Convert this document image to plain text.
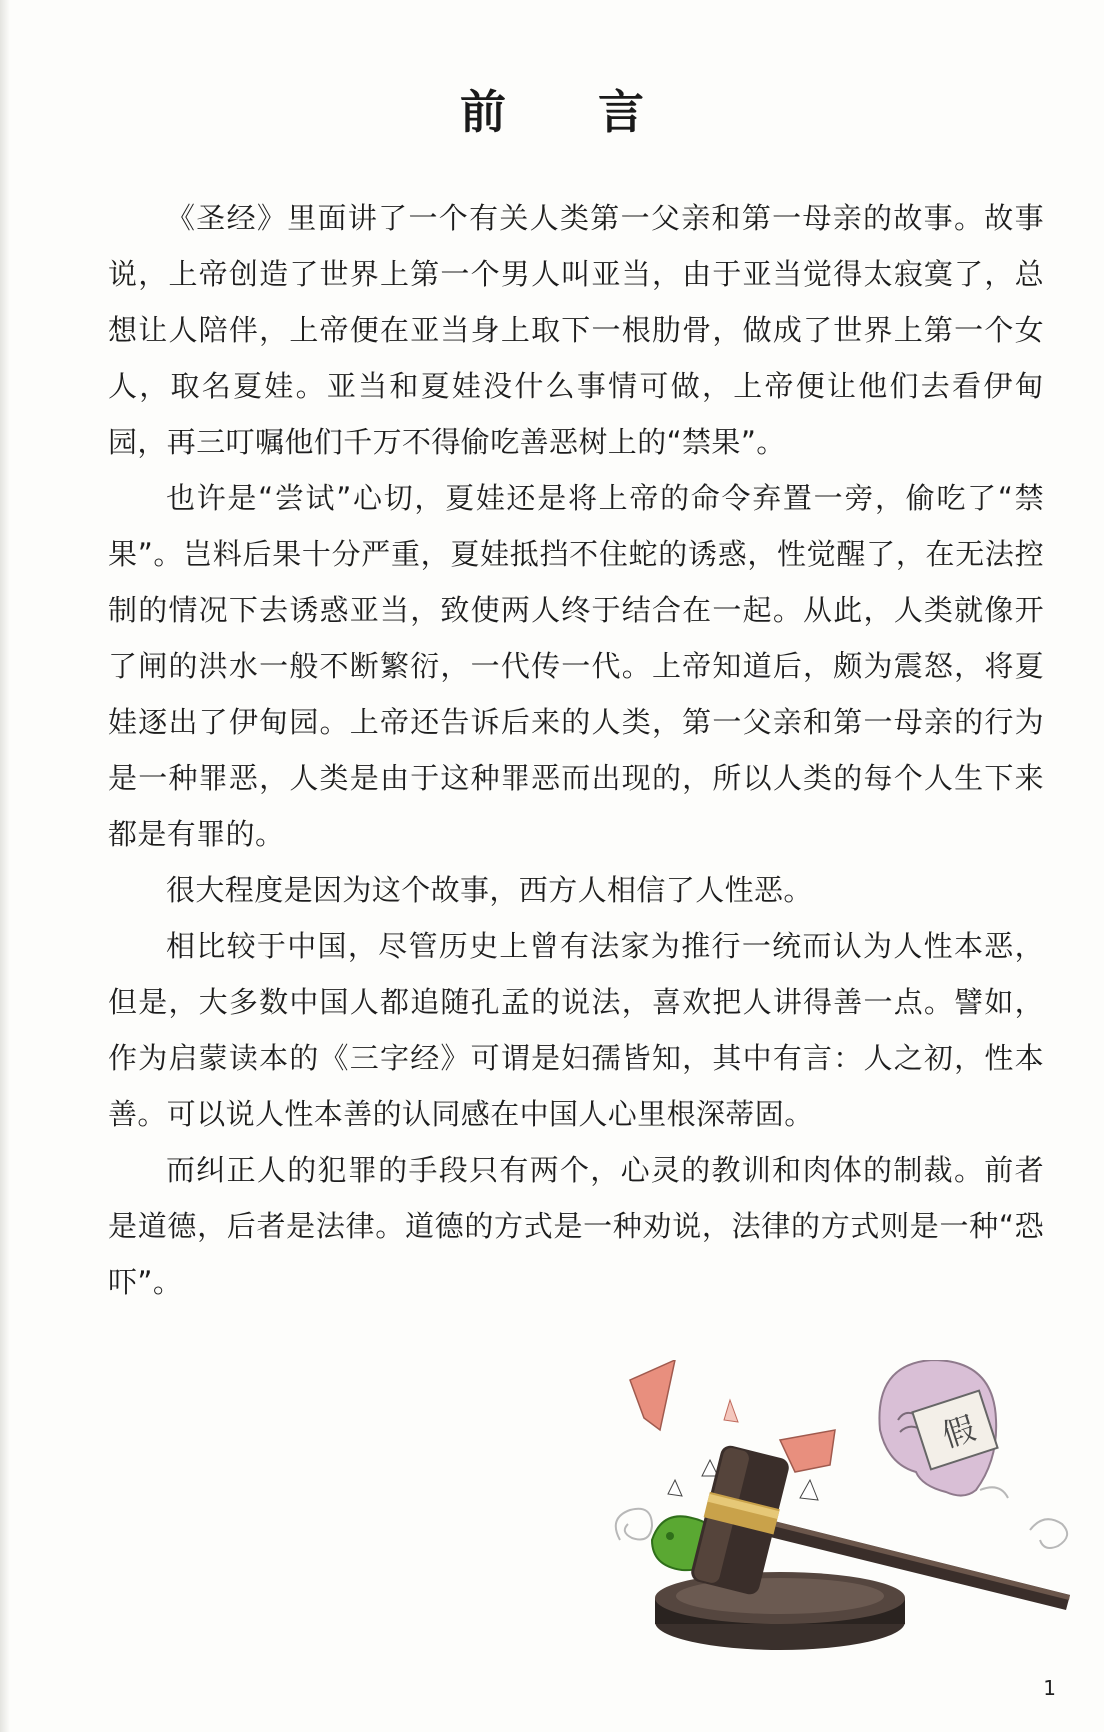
前 言

《圣经》里面讲了一个有关人类第一父亲和第一母亲的故事。故事说，上帝创造了世界上第一个男人叫亚当，由于亚当觉得太寂寞了，总想让人陪伴，上帝便在亚当身上取下一根肋骨，做成了世界上第一个女人，取名夏娃。亚当和夏娃没什么事情可做，上帝便让他们去看伊甸园，再三叮嘱他们千万不得偷吃善恶树上的“禁果”。

也许是“尝试”心切，夏娃还是将上帝的命令弃置一旁，偷吃了“禁果”。岂料后果十分严重，夏娃抵挡不住蛇的诱惑，性觉醒了，在无法控制的情况下去诱惑亚当，致使两人终于结合在一起。从此，人类就像开了闸的洪水一般不断繁衍，一代传一代。上帝知道后，颇为震怒，将夏娃逐出了伊甸园。上帝还告诉后来的人类，第一父亲和第一母亲的行为是一种罪恶，人类是由于这种罪恶而出现的，所以人类的每个人生下来都是有罪的。

很大程度是因为这个故事，西方人相信了人性恶。

相比较于中国，尽管历史上曾有法家为推行一统而认为人性本恶，但是，大多数中国人都追随孔孟的说法，喜欢把人讲得善一点。譬如，作为启蒙读本的《三字经》可谓是妇孺皆知，其中有言：人之初，性本善。可以说人性本善的认同感在中国人心里根深蒂固。

而纠正人的犯罪的手段只有两个，心灵的教训和肉体的制裁。前者是道德，后者是法律。道德的方式是一种劝说，法律的方式则是一种“恐吓”。

假
1
